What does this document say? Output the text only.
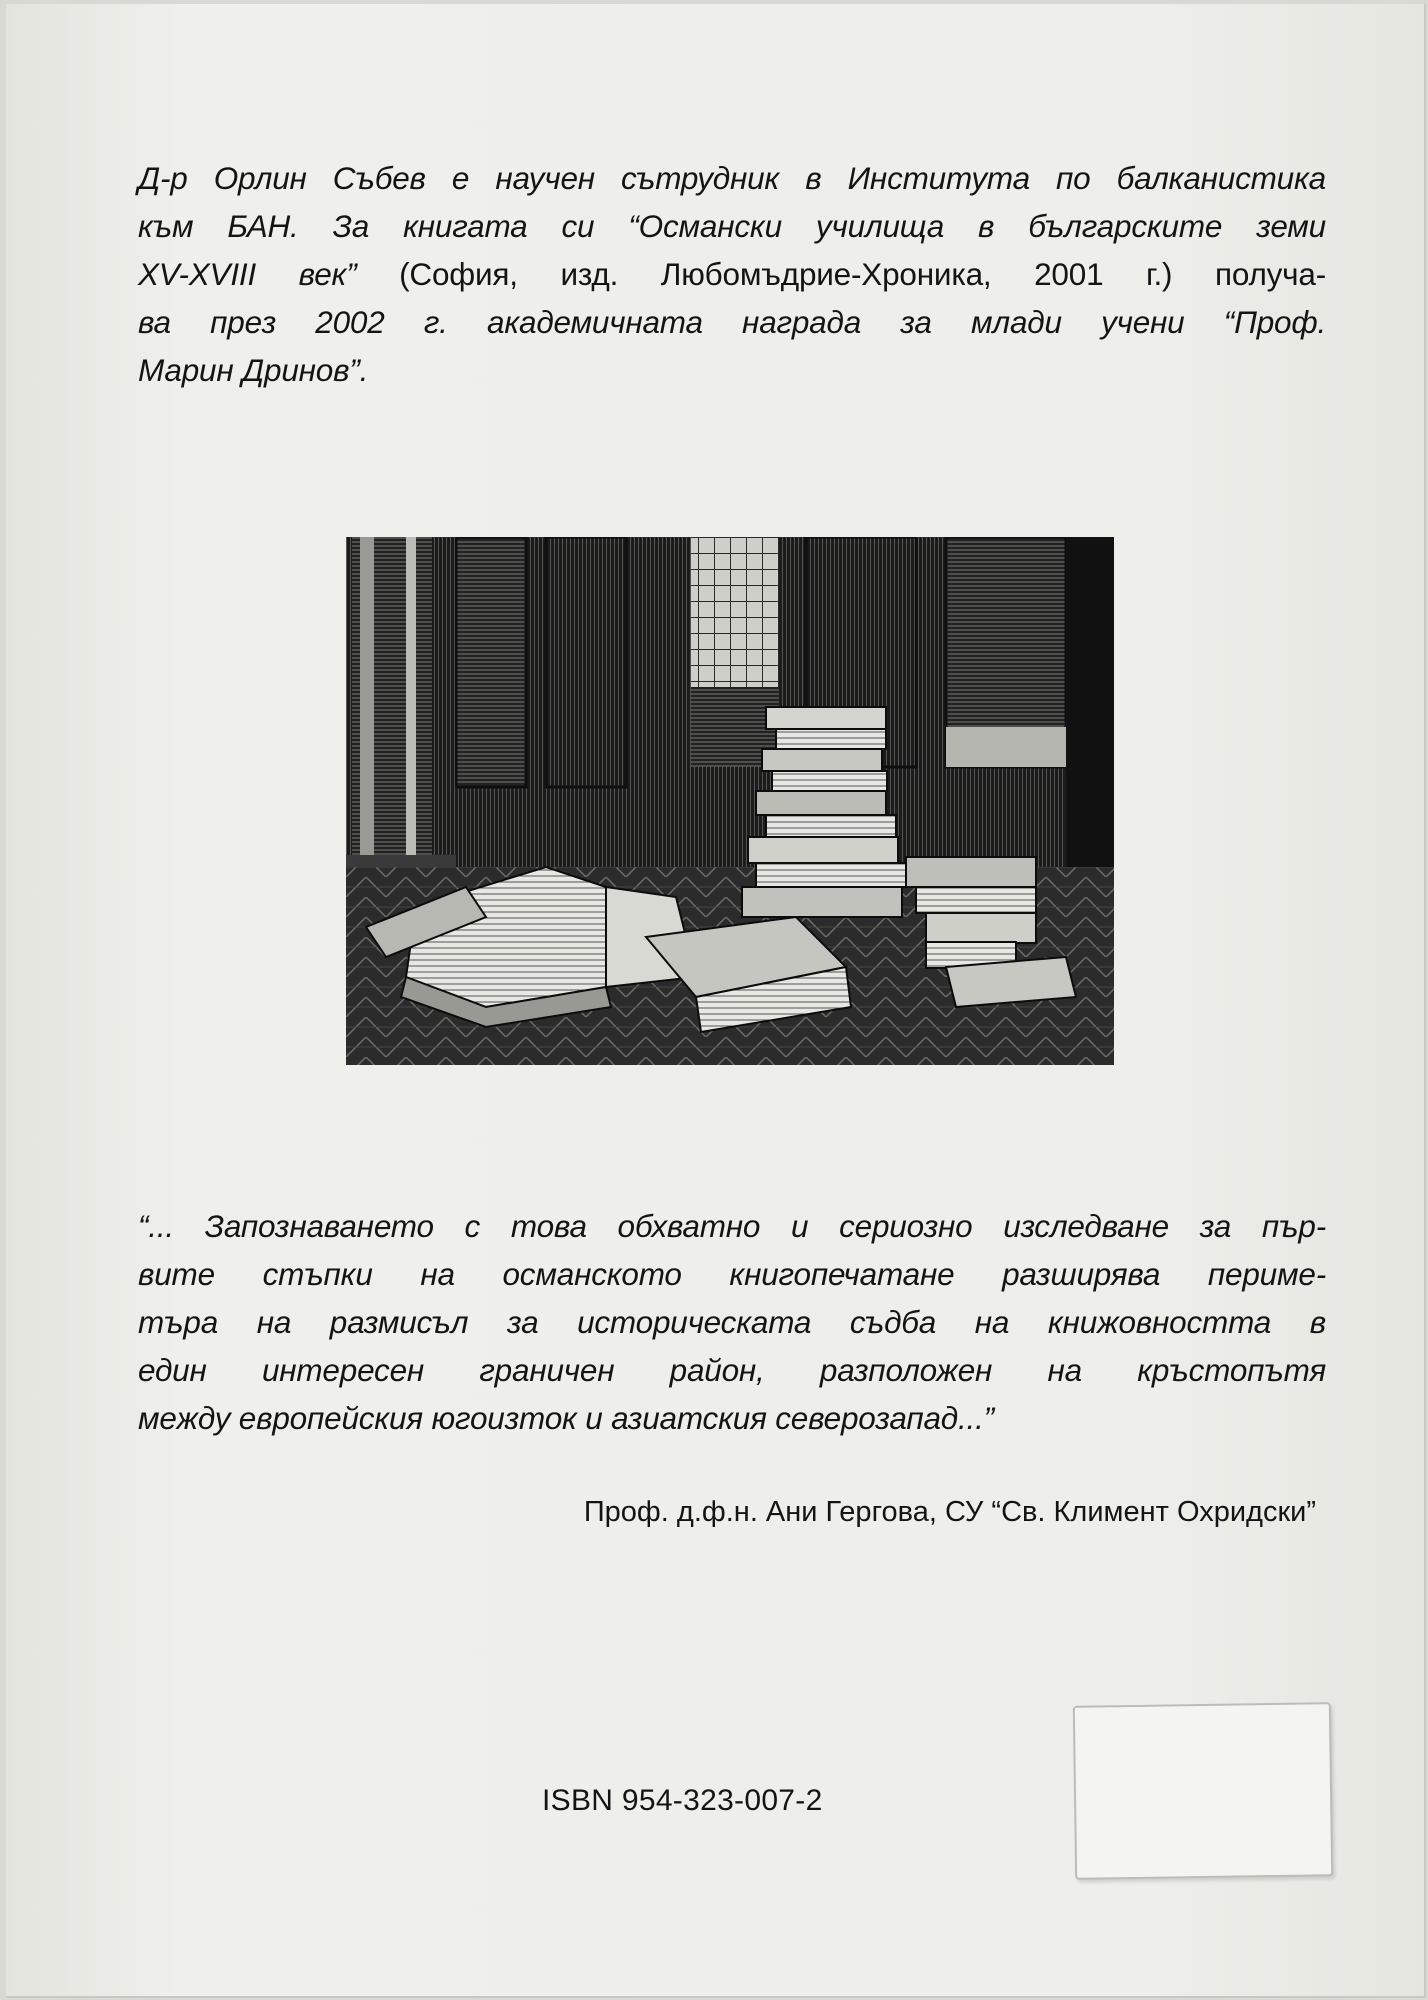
Д-р Орлин Събев е научен сътрудник в Института по балканистика
към БАН. За книгата си “Османски училища в българските земи
XV-XVIII век” (София, изд. Любомъдрие-Хроника, 2001 г.) получа-
ва през 2002 г. академичната награда за млади учени “Проф.
Марин Дринов”.
“... Запознаването с това обхватно и сериозно изследване за пър-
вите стъпки на османското книгопечатане разширява периме-
търа на размисъл за историческата съдба на книжовността в
един интересен граничен район, разположен на кръстопътя
между европейския югоизток и азиатския северозапад...”
Проф. д.ф.н. Ани Гергова, СУ “Св. Климент Охридски”
ISBN 954-323-007-2
